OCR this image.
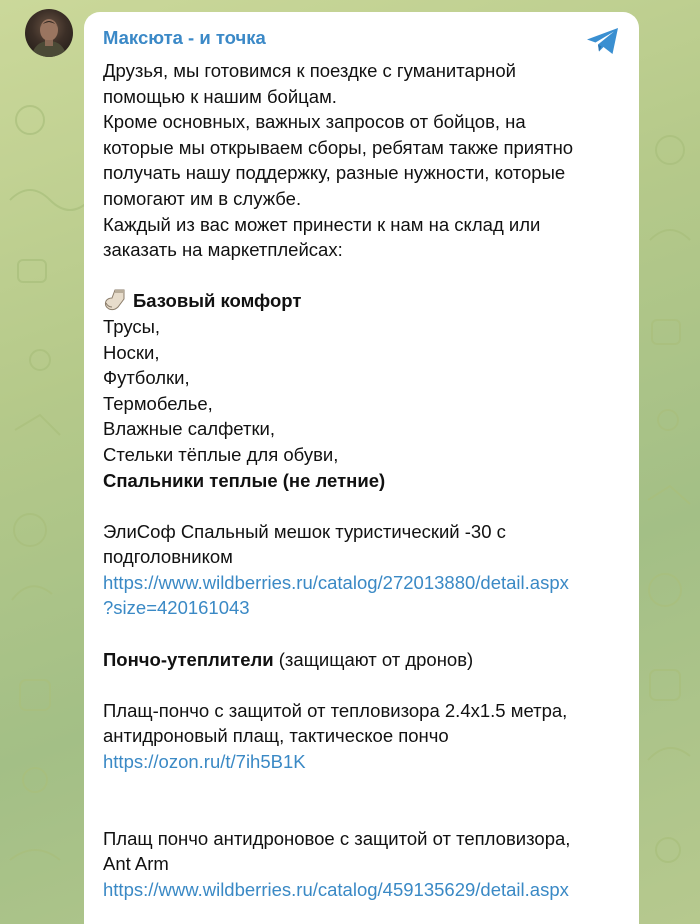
Максюта - и точка
Друзья, мы готовимся к поездке с гуманитарной
помощью к нашим бойцам.
Кроме основных, важных запросов от бойцов, на
которые мы открываем сборы, ребятам также приятно
получать нашу поддержку, разные нужности, которые
помогают им в службе.
Каждый из вас может принести к нам на склад или
заказать на маркетплейсах:
Базовый комфорт
Трусы,
Носки,
Футболки,
Термобелье,
Влажные салфетки,
Стельки тёплые для обуви,
Спальники теплые (не летние)
ЭлиСоф Спальный мешок туристический -30 с
подголовником
https://www.wildberries.ru/catalog/272013880/detail.aspx
?size=420161043
Пончо-утеплители (защищают от дронов)
Плащ-пончо с защитой от тепловизора 2.4x1.5 метра,
антидроновый плащ, тактическое пончо
https://ozon.ru/t/7ih5B1K
Плащ пончо антидроновое с защитой от тепловизора,
Ant Arm
https://www.wildberries.ru/catalog/459135629/detail.aspx
